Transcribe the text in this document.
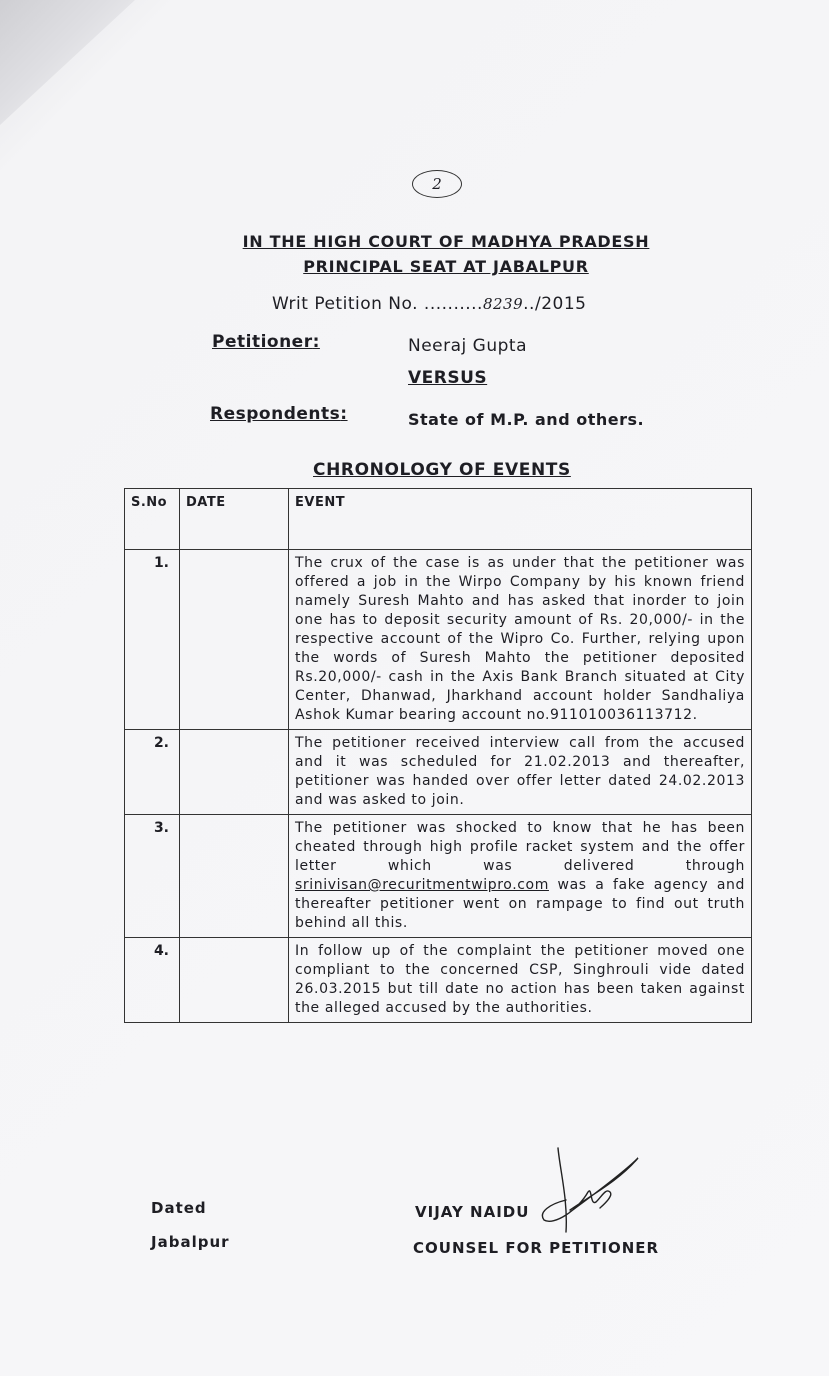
2
IN THE HIGH COURT OF MADHYA PRADESH
PRINCIPAL SEAT AT JABALPUR
Writ Petition No. ..........8239../2015
Petitioner:	Neeraj Gupta
VERSUS
Respondents:	State of M.P. and others.
CHRONOLOGY OF EVENTS
S.No	DATE	EVENT
1.		The crux of the case is as under that the petitioner was offered a job in the Wirpo Company by his known friend namely Suresh Mahto and has asked that inorder to join one has to deposit security amount of Rs. 20,000/- in the respective account of the Wipro Co. Further, relying upon the words of Suresh Mahto the petitioner deposited Rs.20,000/- cash in the Axis Bank Branch situated at City Center, Dhanwad, Jharkhand account holder Sandhaliya Ashok Kumar bearing account no.911010036113712.
2.		The petitioner received interview call from the accused and it was scheduled for 21.02.2013 and thereafter, petitioner was handed over offer letter dated 24.02.2013 and was asked to join.
3.		The petitioner was shocked to know that he has been cheated through high profile racket system and the offer letter which was delivered through srinivisan@recuritmentwipro.com was a fake agency and thereafter petitioner went on rampage to find out truth behind all this.
4.		In follow up of the complaint the petitioner moved one compliant to the concerned CSP, Singhrouli vide dated 26.03.2015 but till date no action has been taken against the alleged accused by the authorities.
Dated
Jabalpur
VIJAY NAIDU
COUNSEL FOR PETITIONER
